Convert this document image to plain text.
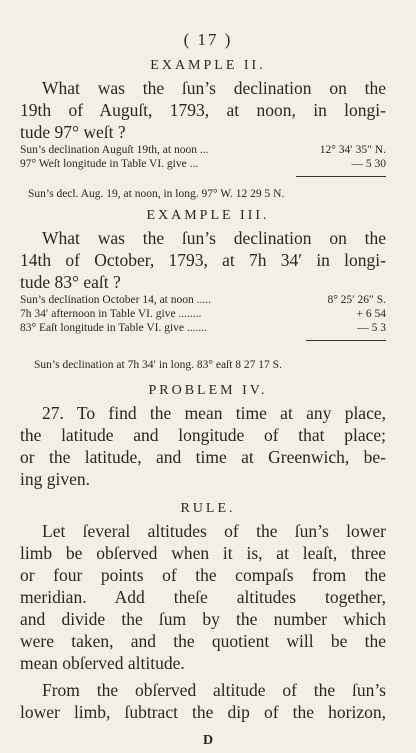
( 17 )
EXAMPLE II.
What was the ſun’s declination on the
19th of Auguſt, 1793, at noon, in longi-
tude 97° weſt ?
Sun’s declination Auguſt 19th, at noon ...	12° 34′ 35″ N.
97° Weſt longitude in Table VI. give ...	— 5 30
Sun’s decl. Aug. 19, at noon, in long. 97° W. 12 29 5 N.
EXAMPLE III.
What was the ſun’s declination on the
14th of October, 1793, at 7h 34′ in longi-
tude 83° eaſt ?
Sun’s declination October 14, at noon .....	8° 25′ 26″ S.
7h 34′ afternoon in Table VI. give ........	+ 6 54
83° Eaſt longitude in Table VI. give .......	— 5 3
Sun’s declination at 7h 34′ in long. 83° eaſt 8 27 17 S.
PROBLEM IV.
27. To find the mean time at any place,
the latitude and longitude of that place;
or the latitude, and time at Greenwich, be-
ing given.
RULE.
Let ſeveral altitudes of the ſun’s lower
limb be obſerved when it is, at leaſt, three
or four points of the compaſs from the
meridian. Add theſe altitudes together,
and divide the ſum by the number which
were taken, and the quotient will be the
mean obſerved altitude.
From the obſerved altitude of the ſun’s
lower limb, ſubtract the dip of the horizon,
D
